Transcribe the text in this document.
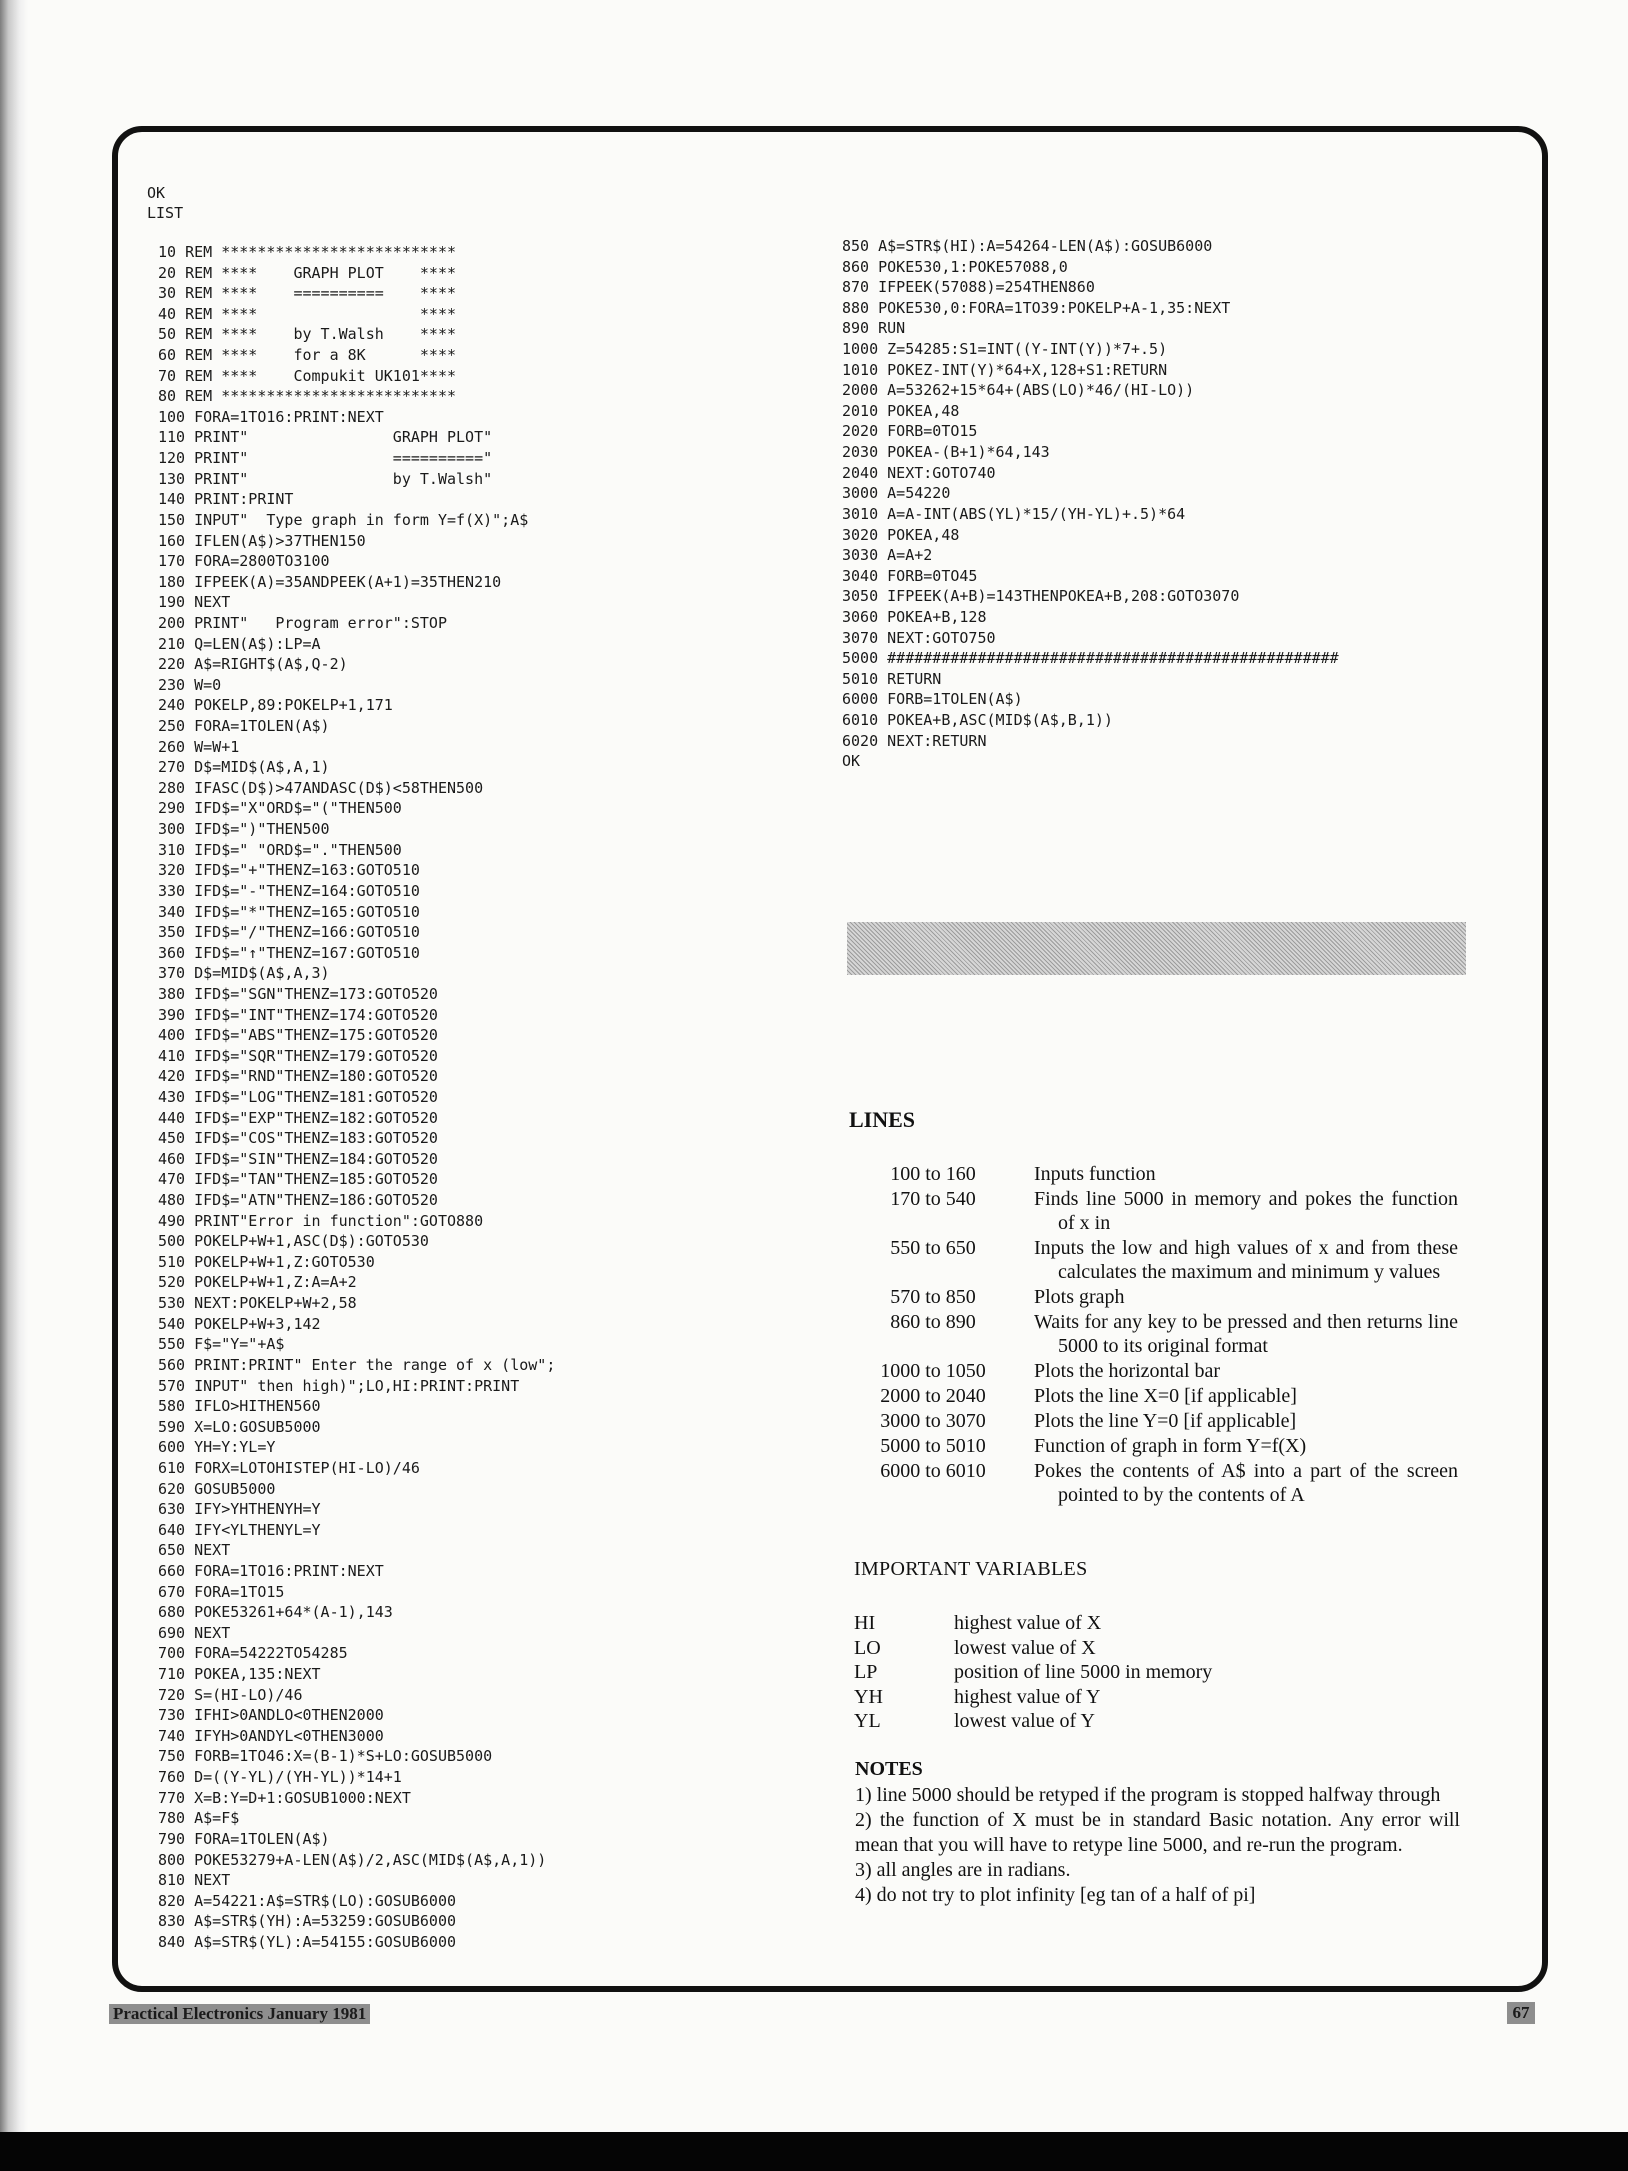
OK
LIST
10 REM **************************
20 REM ****    GRAPH PLOT    ****
30 REM ****    ==========    ****
40 REM ****                  ****
50 REM ****    by T.Walsh    ****
60 REM ****    for a 8K      ****
70 REM ****    Compukit UK101****
80 REM **************************
100 FORA=1TO16:PRINT:NEXT
110 PRINT"                GRAPH PLOT"
120 PRINT"                =========="
130 PRINT"                by T.Walsh"
140 PRINT:PRINT
150 INPUT"  Type graph in form Y=f(X)";A$
160 IFLEN(A$)>37THEN150
170 FORA=2800TO3100
180 IFPEEK(A)=35ANDPEEK(A+1)=35THEN210
190 NEXT
200 PRINT"   Program error":STOP
210 Q=LEN(A$):LP=A
220 A$=RIGHT$(A$,Q-2)
230 W=0
240 POKELP,89:POKELP+1,171
250 FORA=1TOLEN(A$)
260 W=W+1
270 D$=MID$(A$,A,1)
280 IFASC(D$)>47ANDASC(D$)<58THEN500
290 IFD$="X"ORD$="("THEN500
300 IFD$=")"THEN500
310 IFD$=" "ORD$="."THEN500
320 IFD$="+"THENZ=163:GOTO510
330 IFD$="-"THENZ=164:GOTO510
340 IFD$="*"THENZ=165:GOTO510
350 IFD$="/"THENZ=166:GOTO510
360 IFD$="↑"THENZ=167:GOTO510
370 D$=MID$(A$,A,3)
380 IFD$="SGN"THENZ=173:GOTO520
390 IFD$="INT"THENZ=174:GOTO520
400 IFD$="ABS"THENZ=175:GOTO520
410 IFD$="SQR"THENZ=179:GOTO520
420 IFD$="RND"THENZ=180:GOTO520
430 IFD$="LOG"THENZ=181:GOTO520
440 IFD$="EXP"THENZ=182:GOTO520
450 IFD$="COS"THENZ=183:GOTO520
460 IFD$="SIN"THENZ=184:GOTO520
470 IFD$="TAN"THENZ=185:GOTO520
480 IFD$="ATN"THENZ=186:GOTO520
490 PRINT"Error in function":GOTO880
500 POKELP+W+1,ASC(D$):GOTO530
510 POKELP+W+1,Z:GOTO530
520 POKELP+W+1,Z:A=A+2
530 NEXT:POKELP+W+2,58
540 POKELP+W+3,142
550 F$="Y="+A$
560 PRINT:PRINT" Enter the range of x (low";
570 INPUT" then high)";LO,HI:PRINT:PRINT
580 IFLO>HITHEN560
590 X=LO:GOSUB5000
600 YH=Y:YL=Y
610 FORX=LOTOHISTEP(HI-LO)/46
620 GOSUB5000
630 IFY>YHTHENYH=Y
640 IFY<YLTHENYL=Y
650 NEXT
660 FORA=1TO16:PRINT:NEXT
670 FORA=1TO15
680 POKE53261+64*(A-1),143
690 NEXT
700 FORA=54222TO54285
710 POKEA,135:NEXT
720 S=(HI-LO)/46
730 IFHI>0ANDLO<0THEN2000
740 IFYH>0ANDYL<0THEN3000
750 FORB=1TO46:X=(B-1)*S+LO:GOSUB5000
760 D=((Y-YL)/(YH-YL))*14+1
770 X=B:Y=D+1:GOSUB1000:NEXT
780 A$=F$
790 FORA=1TOLEN(A$)
800 POKE53279+A-LEN(A$)/2,ASC(MID$(A$,A,1))
810 NEXT
820 A=54221:A$=STR$(LO):GOSUB6000
830 A$=STR$(YH):A=53259:GOSUB6000
840 A$=STR$(YL):A=54155:GOSUB6000
850 A$=STR$(HI):A=54264-LEN(A$):GOSUB6000
860 POKE530,1:POKE57088,0
870 IFPEEK(57088)=254THEN860
880 POKE530,0:FORA=1TO39:POKELP+A-1,35:NEXT
890 RUN
1000 Z=54285:S1=INT((Y-INT(Y))*7+.5)
1010 POKEZ-INT(Y)*64+X,128+S1:RETURN
2000 A=53262+15*64+(ABS(LO)*46/(HI-LO))
2010 POKEA,48
2020 FORB=0TO15
2030 POKEA-(B+1)*64,143
2040 NEXT:GOTO740
3000 A=54220
3010 A=A-INT(ABS(YL)*15/(YH-YL)+.5)*64
3020 POKEA,48
3030 A=A+2
3040 FORB=0TO45
3050 IFPEEK(A+B)=143THENPOKEA+B,208:GOTO3070
3060 POKEA+B,128
3070 NEXT:GOTO750
5000 ##################################################
5010 RETURN
6000 FORB=1TOLEN(A$)
6010 POKEA+B,ASC(MID$(A$,B,1))
6020 NEXT:RETURN
OK
LINES
100 to 160	Inputs function
170 to 540	Finds line 5000 in memory and pokes the function of x in
550 to 650	Inputs the low and high values of x and from these calculates the maximum and minimum y values
570 to 850	Plots graph
860 to 890	Waits for any key to be pressed and then returns line 5000 to its original format
1000 to 1050	Plots the horizontal bar
2000 to 2040	Plots the line X=0 [if applicable]
3000 to 3070	Plots the line Y=0 [if applicable]
5000 to 5010	Function of graph in form Y=f(X)
6000 to 6010	Pokes the contents of A$ into a part of the screen pointed to by the contents of A
IMPORTANT VARIABLES
HI	highest value of X
LO	lowest value of X
LP	position of line 5000 in memory
YH	highest value of Y
YL	lowest value of Y
NOTES
1) line 5000 should be retyped if the program is stopped halfway through
2) the function of X must be in standard Basic notation. Any error will mean that you will have to retype line 5000, and re-run the program.
3) all angles are in radians.
4) do not try to plot infinity [eg tan of a half of pi]
Practical Electronics January 1981	67
